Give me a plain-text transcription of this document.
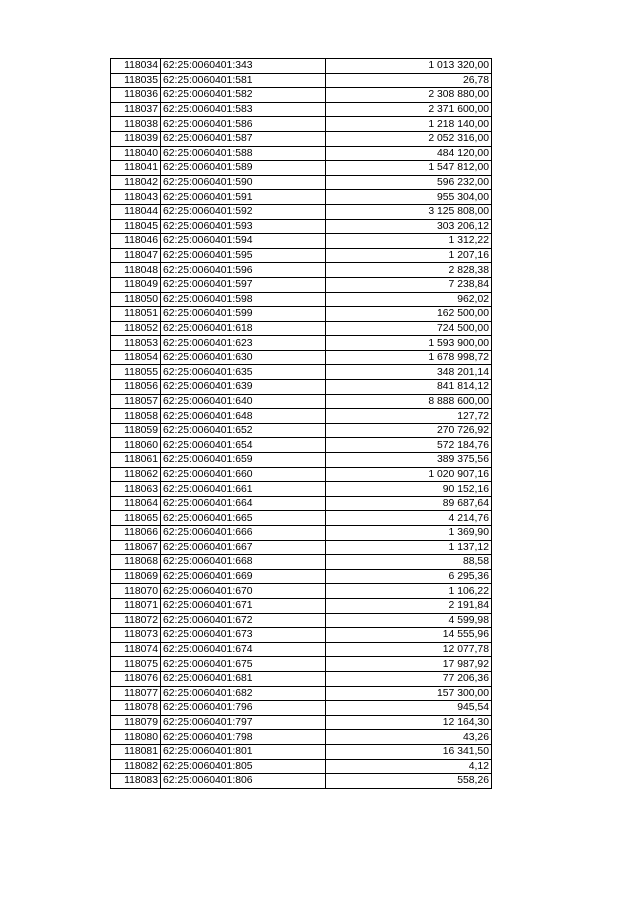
118034	62:25:0060401:343	1 013 320,00
118035	62:25:0060401:581	26,78
118036	62:25:0060401:582	2 308 880,00
118037	62:25:0060401:583	2 371 600,00
118038	62:25:0060401:586	1 218 140,00
118039	62:25:0060401:587	2 052 316,00
118040	62:25:0060401:588	484 120,00
118041	62:25:0060401:589	1 547 812,00
118042	62:25:0060401:590	596 232,00
118043	62:25:0060401:591	955 304,00
118044	62:25:0060401:592	3 125 808,00
118045	62:25:0060401:593	303 206,12
118046	62:25:0060401:594	1 312,22
118047	62:25:0060401:595	1 207,16
118048	62:25:0060401:596	2 828,38
118049	62:25:0060401:597	7 238,84
118050	62:25:0060401:598	962,02
118051	62:25:0060401:599	162 500,00
118052	62:25:0060401:618	724 500,00
118053	62:25:0060401:623	1 593 900,00
118054	62:25:0060401:630	1 678 998,72
118055	62:25:0060401:635	348 201,14
118056	62:25:0060401:639	841 814,12
118057	62:25:0060401:640	8 888 600,00
118058	62:25:0060401:648	127,72
118059	62:25:0060401:652	270 726,92
118060	62:25:0060401:654	572 184,76
118061	62:25:0060401:659	389 375,56
118062	62:25:0060401:660	1 020 907,16
118063	62:25:0060401:661	90 152,16
118064	62:25:0060401:664	89 687,64
118065	62:25:0060401:665	4 214,76
118066	62:25:0060401:666	1 369,90
118067	62:25:0060401:667	1 137,12
118068	62:25:0060401:668	88,58
118069	62:25:0060401:669	6 295,36
118070	62:25:0060401:670	1 106,22
118071	62:25:0060401:671	2 191,84
118072	62:25:0060401:672	4 599,98
118073	62:25:0060401:673	14 555,96
118074	62:25:0060401:674	12 077,78
118075	62:25:0060401:675	17 987,92
118076	62:25:0060401:681	77 206,36
118077	62:25:0060401:682	157 300,00
118078	62:25:0060401:796	945,54
118079	62:25:0060401:797	12 164,30
118080	62:25:0060401:798	43,26
118081	62:25:0060401:801	16 341,50
118082	62:25:0060401:805	4,12
118083	62:25:0060401:806	558,26
